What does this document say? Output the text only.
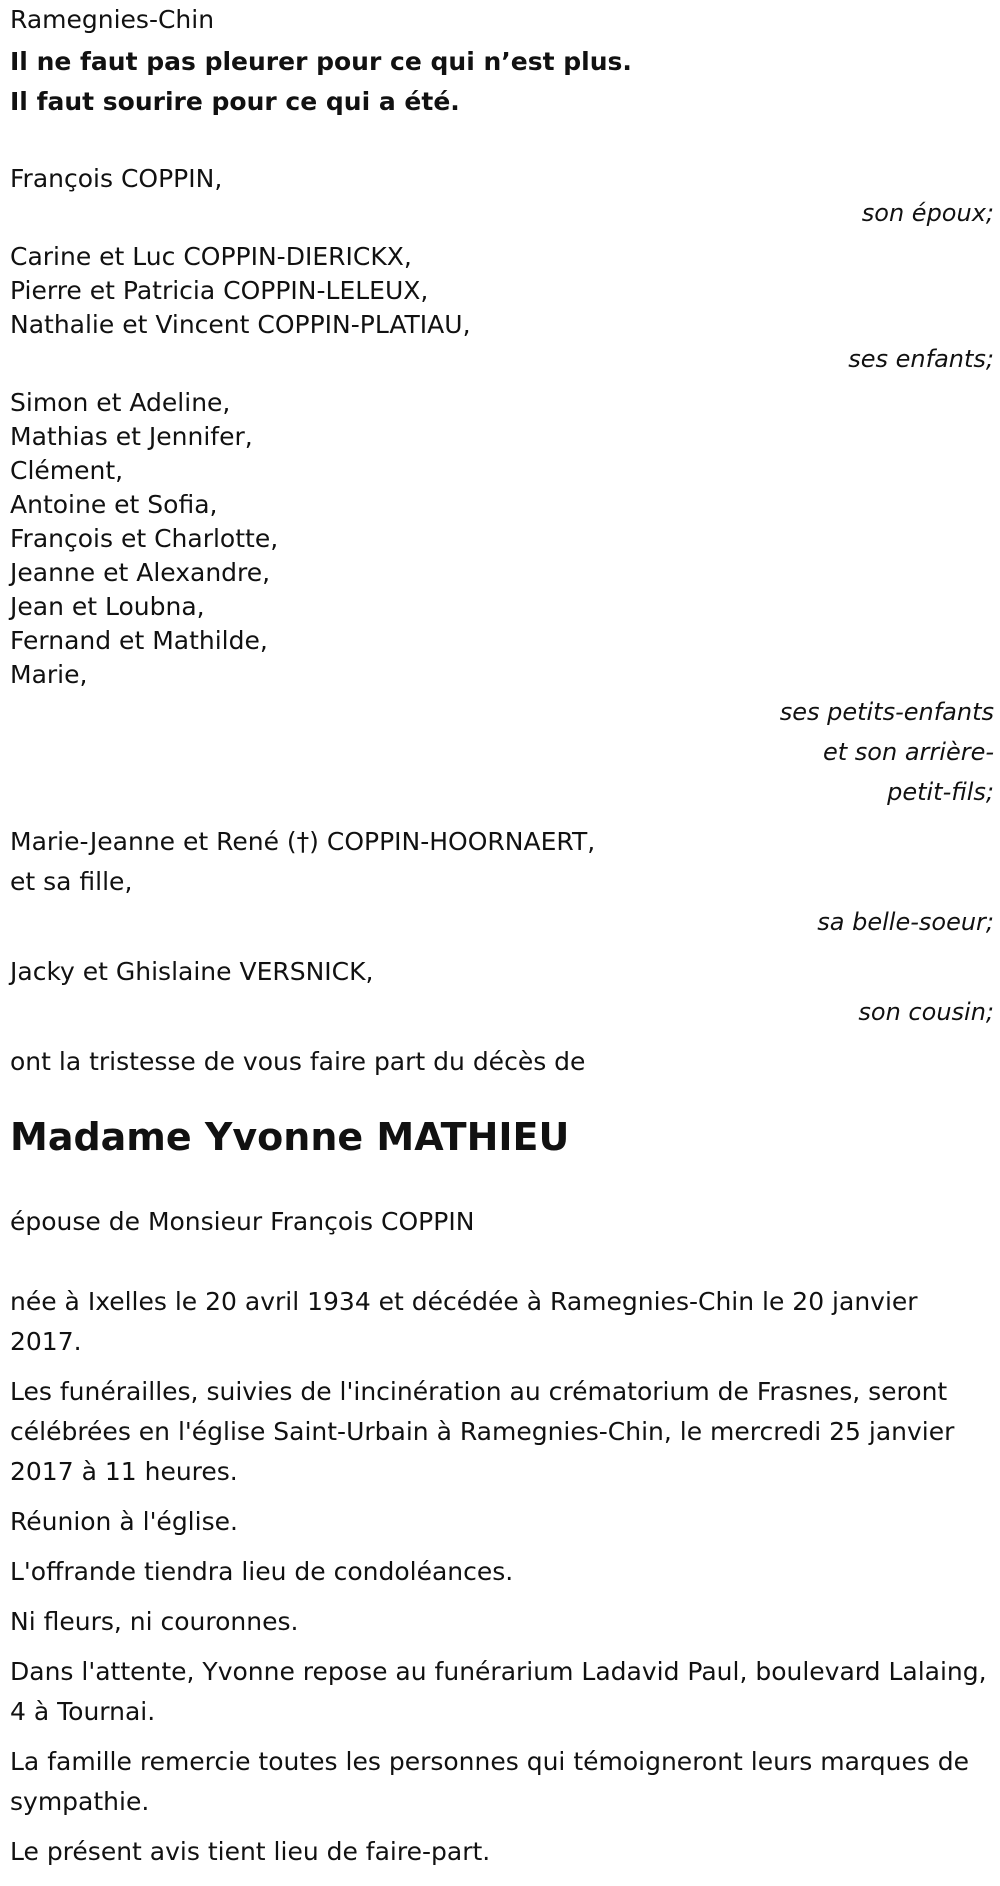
Ramegnies-Chin
Il ne faut pas pleurer pour ce qui n’est plus.
Il faut sourire pour ce qui a été.
François COPPIN,
son époux;
Carine et Luc COPPIN-DIERICKX,
Pierre et Patricia COPPIN-LELEUX,
Nathalie et Vincent COPPIN-PLATIAU,
ses enfants;
Simon et Adeline,
Mathias et Jennifer,
Clément,
Antoine et Sofia,
François et Charlotte,
Jeanne et Alexandre,
Jean et Loubna,
Fernand et Mathilde,
Marie,
ses petits-enfants
et son arrière-
petit-fils;
Marie-Jeanne et René (†) COPPIN-HOORNAERT,
et sa fille,
sa belle-soeur;
Jacky et Ghislaine VERSNICK,
son cousin;
ont la tristesse de vous faire part du décès de
Madame Yvonne MATHIEU
épouse de Monsieur François COPPIN

née à Ixelles le 20 avril 1934 et décédée à Ramegnies-Chin le 20 janvier 2017.

Les funérailles, suivies de l'incinération au crématorium de Frasnes, seront célébrées en l'église Saint-Urbain à Ramegnies-Chin, le mercredi 25 janvier 2017 à 11 heures.

Réunion à l'église.

L'offrande tiendra lieu de condoléances.

Ni fleurs, ni couronnes.

Dans l'attente, Yvonne repose au funérarium Ladavid Paul, boulevard Lalaing, 4 à Tournai.

La famille remercie toutes les personnes qui témoigneront leurs marques de sympathie.

Le présent avis tient lieu de faire-part.
